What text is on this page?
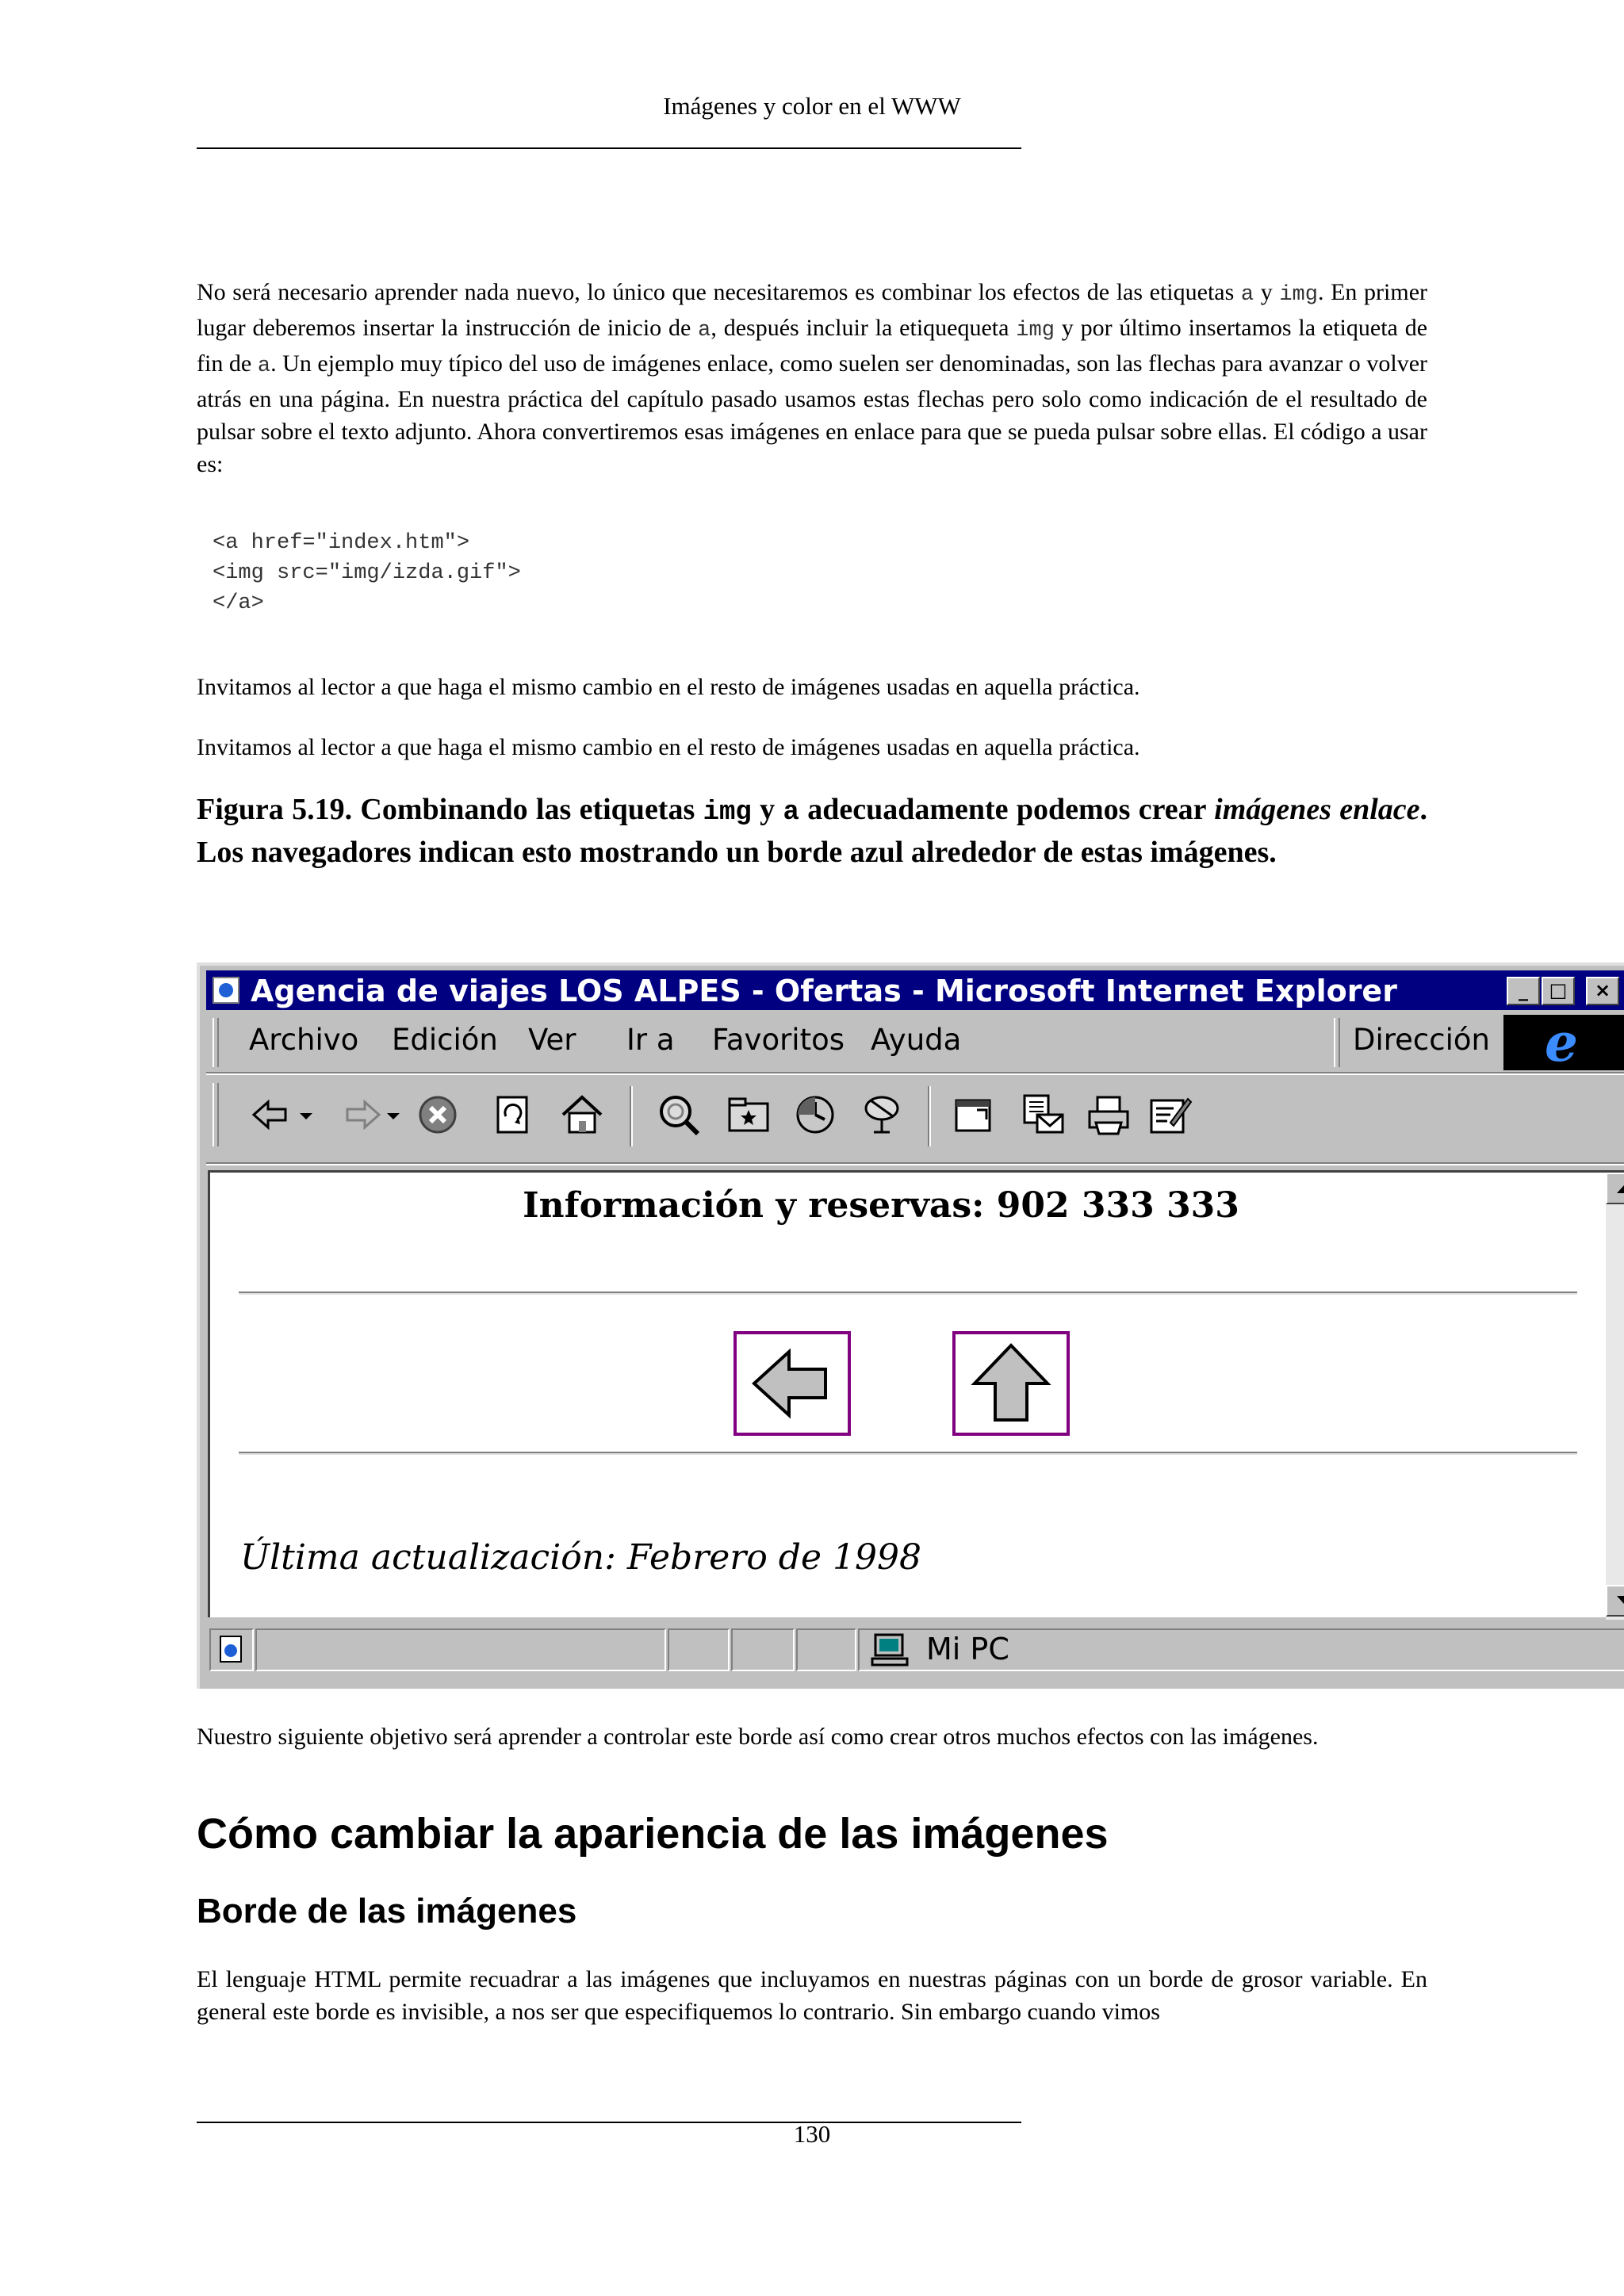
Imágenes y color en el WWW

No será necesario aprender nada nuevo, lo único que necesitaremos es combinar los efectos de las etiquetas a y img. En primer lugar deberemos insertar la instrucción de inicio de a, después incluir la etiquequeta img y por último insertamos la etiqueta de fin de a. Un ejemplo muy típico del uso de imágenes enlace, como suelen ser denominadas, son las flechas para avanzar o volver atrás en una página. En nuestra práctica del capítulo pasado usamos estas flechas pero solo como indicación de el resultado de pulsar sobre el texto adjunto. Ahora convertiremos esas imágenes en enlace para que se pueda pulsar sobre ellas. El código a usar es:

<a href="index.htm">
<img src="img/izda.gif">
</a>

Invitamos al lector a que haga el mismo cambio en el resto de imágenes usadas en aquella práctica.

Invitamos al lector a que haga el mismo cambio en el resto de imágenes usadas en aquella práctica.

Figura 5.19. Combinando las etiquetas img y a adecuadamente podemos crear imágenes enlace. Los navegadores indican esto mostrando un borde azul alrededor de estas imágenes.

Agencia de viajes LOS ALPES - Ofertas - Microsoft Internet Explorer	_	□	×
Archivo Edición Ver Ir a Favoritos Ayuda	Dirección e
Información y reservas: 902 333 333
Última actualización: Febrero de 1998
Mi PC

Nuestro siguiente objetivo será aprender a controlar este borde así como crear otros muchos efectos con las imágenes.

Cómo cambiar la apariencia de las imágenes
Borde de las imágenes

El lenguaje HTML permite recuadrar a las imágenes que incluyamos en nuestras páginas con un borde de grosor variable. En general este borde es invisible, a nos ser que especifiquemos lo contrario. Sin embargo cuando vimos

130
